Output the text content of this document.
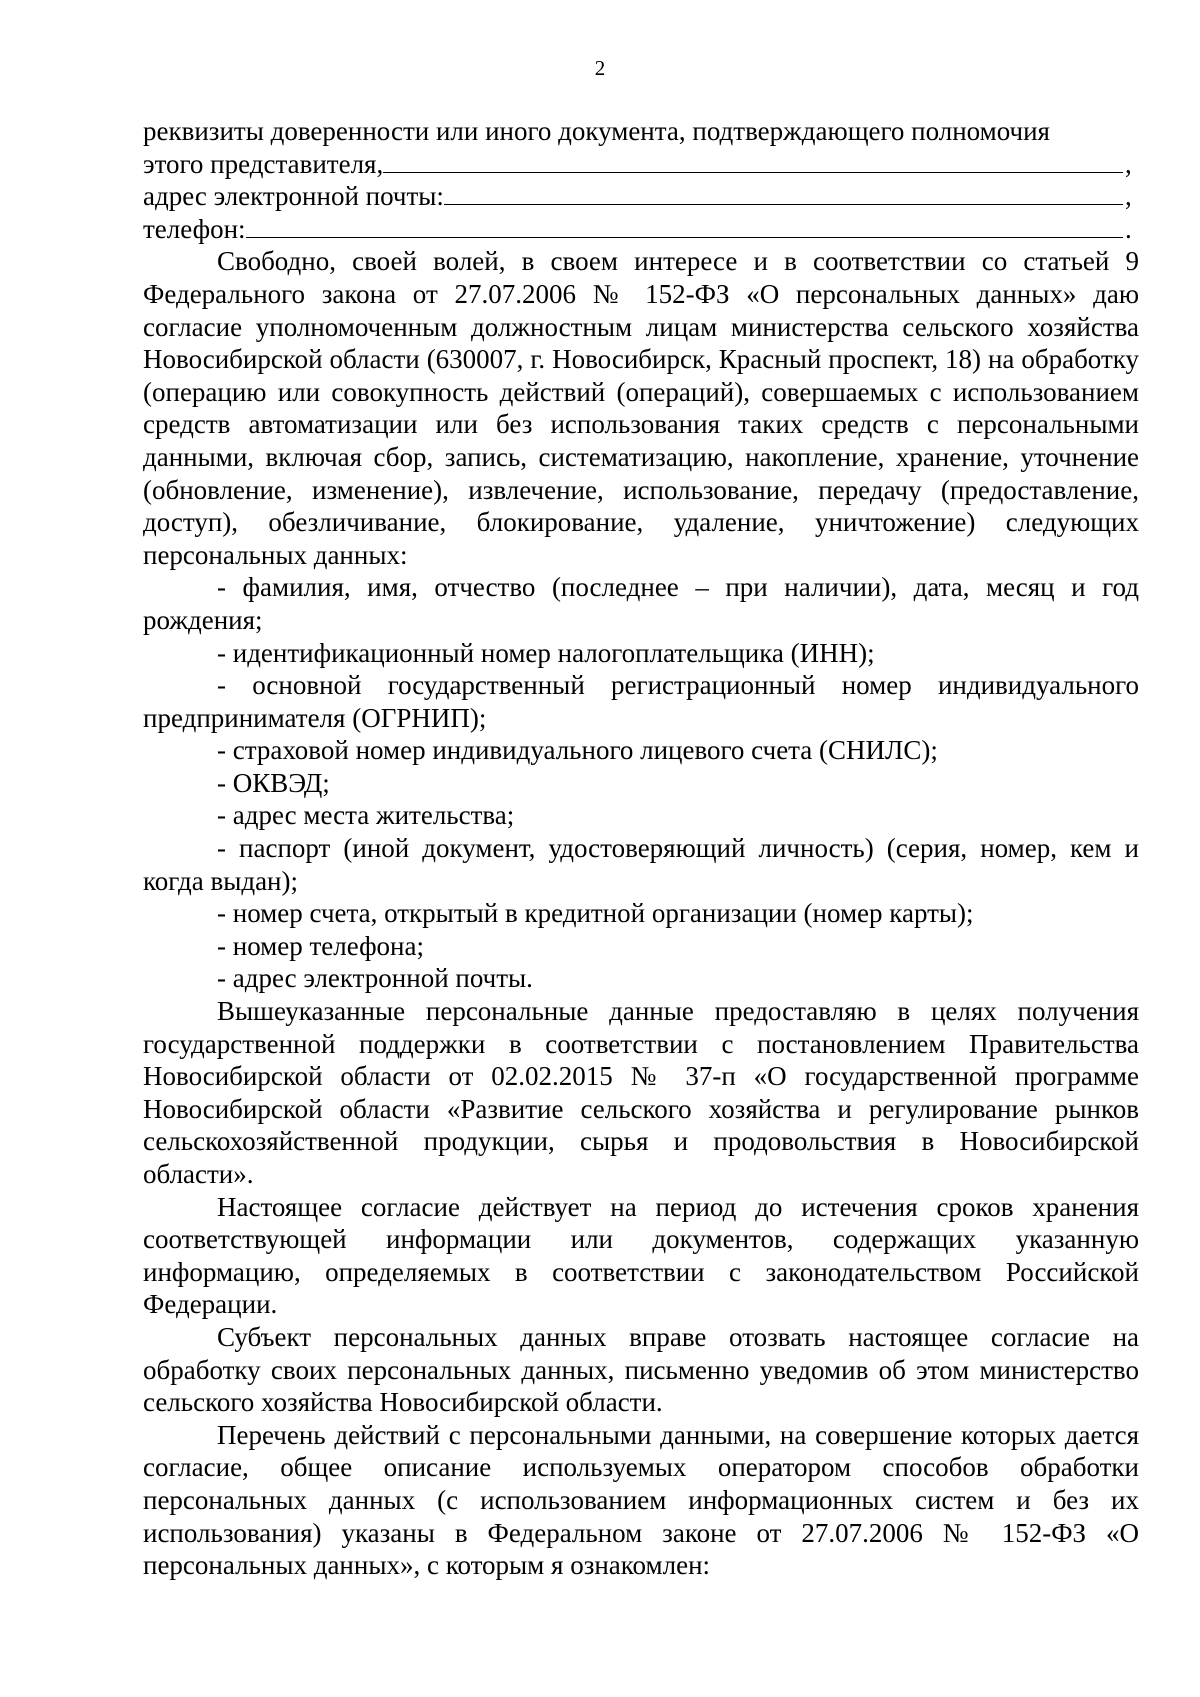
2

реквизиты доверенности или иного документа, подтверждающего полномочия

этого представителя,	,
адрес электронной почты:	,
телефон:	.

Свободно, своей волей, в своем интересе и в соответствии со статьей 9 Федерального закона от 27.07.2006 № 152-ФЗ «О персональных данных» даю согласие уполномоченным должностным лицам министерства сельского хозяйства Новосибирской области (630007, г. Новосибирск, Красный проспект, 18) на обработку (операцию или совокупность действий (операций), совершаемых с использованием средств автоматизации или без использования таких средств с персональными данными, включая сбор, запись, систематизацию, накопление, хранение, уточнение (обновление, изменение), извлечение, использование, передачу (предоставление, доступ), обезличивание, блокирование, удаление, уничтожение) следующих персональных данных:

- фамилия, имя, отчество (последнее – при наличии), дата, месяц и год рождения;

- идентификационный номер налогоплательщика (ИНН);

- основной государственный регистрационный номер индивидуального предпринимателя (ОГРНИП);

- страховой номер индивидуального лицевого счета (СНИЛС);

- ОКВЭД;

- адрес места жительства;

- паспорт (иной документ, удостоверяющий личность) (серия, номер, кем и когда выдан);

- номер счета, открытый в кредитной организации (номер карты);

- номер телефона;

- адрес электронной почты.

Вышеуказанные персональные данные предоставляю в целях получения государственной поддержки в соответствии с постановлением Правительства Новосибирской области от 02.02.2015 № 37-п «О государственной программе Новосибирской области «Развитие сельского хозяйства и регулирование рынков сельскохозяйственной продукции, сырья и продовольствия в Новосибирской области».

Настоящее согласие действует на период до истечения сроков хранения соответствующей информации или документов, содержащих указанную информацию, определяемых в соответствии с законодательством Российской Федерации.

Субъект персональных данных вправе отозвать настоящее согласие на обработку своих персональных данных, письменно уведомив об этом министерство сельского хозяйства Новосибирской области.

Перечень действий с персональными данными, на совершение которых дается согласие, общее описание используемых оператором способов обработки персональных данных (с использованием информационных систем и без их использования) указаны в Федеральном законе от 27.07.2006 № 152-ФЗ «О персональных данных», с которым я ознакомлен:
